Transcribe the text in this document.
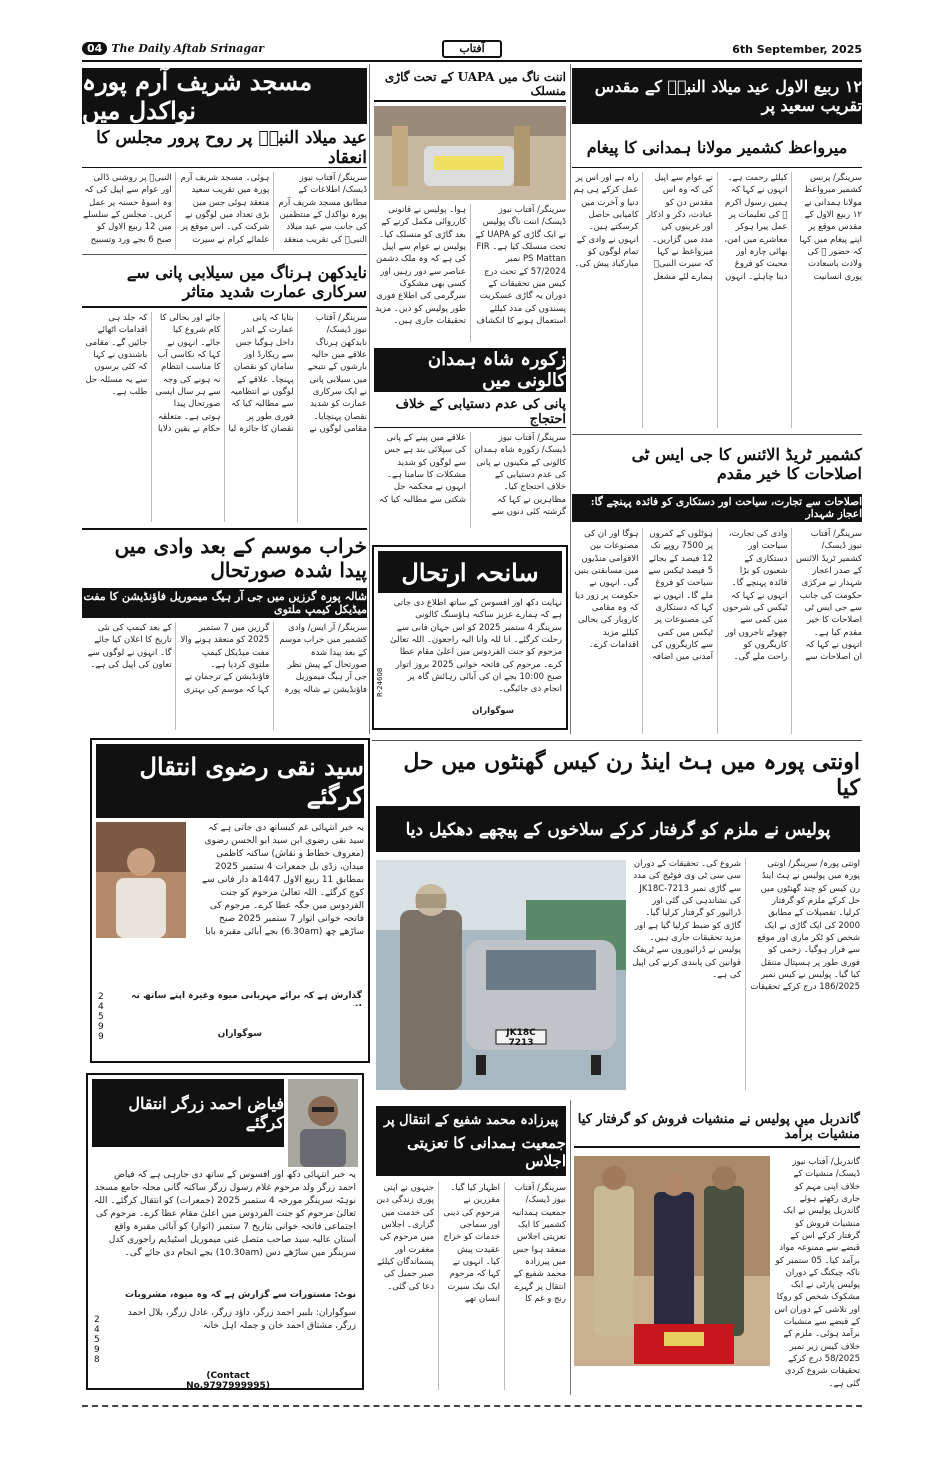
04 The Daily Aftab Srinagar	آفتاب	6th September, 2025
مسجد شریف آرم پورہ نواکدل میں
عید میلاد النبیؐ پر روح پرور مجلس کا انعقاد
سرینگر/ آفتاب نیوز ڈیسک/ اطلاعات کے مطابق مسجد شریف آرم پورہ نواکدل کے منتظمین کی جانب سے عید میلاد النبیؐ کی تقریب منعقد ہوئی۔ مسجد شریف آرم پورہ میں تقریب سعید منعقد ہوئی جس میں بڑی تعداد میں لوگوں نے شرکت کی۔ اس موقع پر علمائے کرام نے سیرت النبیؐ پر روشنی ڈالی اور عوام سے اپیل کی کہ وہ اسوۂ حسنہ پر عمل کریں۔ مجلس کے سلسلے میں 12 ربیع الاول کو صبح 6 بجے ورد وتسبیح
نایدکھن ہرناگ میں سیلابی پانی سے سرکاری عمارت شدید متاثر
سرینگر/ آفتاب نیوز ڈیسک/ نایدکھن ہرناگ علاقے میں حالیہ بارشوں کے نتیجے میں سیلابی پانی نے ایک سرکاری عمارت کو شدید نقصان پہنچایا۔ مقامی لوگوں نے بتایا کہ پانی عمارت کے اندر داخل ہوگیا جس سے ریکارڈ اور سامان کو نقصان پہنچا۔ علاقے کے لوگوں نے انتظامیہ سے مطالبہ کیا کہ فوری طور پر نقصان کا جائزہ لیا جائے اور بحالی کا کام شروع کیا جائے۔ انہوں نے کہا کہ نکاسی آب کا مناسب انتظام نہ ہونے کی وجہ سے ہر سال ایسی صورتحال پیدا ہوتی ہے۔ متعلقہ حکام نے یقین دلایا کہ جلد ہی اقدامات اٹھائے جائیں گے۔ مقامی باشندوں نے کہا کہ کئی برسوں سے یہ مسئلہ حل طلب ہے۔
خراب موسم کے بعد وادی میں پیدا شدہ صورتحال
شالہ پورہ گرزیں میں جی آر ہیگ میموریل فاؤنڈیشن کا مفت میڈیکل کیمپ ملتوی
سرینگر/ آر ایس/ وادی کشمیر میں خراب موسم کے بعد پیدا شدہ صورتحال کے پیش نظر جی آر ہیگ میموریل فاؤنڈیشن نے شالہ پورہ گرزیں میں 7 ستمبر 2025 کو منعقد ہونے والا مفت میڈیکل کیمپ ملتوی کردیا ہے۔ فاؤنڈیشن کے ترجمان نے کہا کہ موسم کی بہتری کے بعد کیمپ کی نئی تاریخ کا اعلان کیا جائے گا۔ انہوں نے لوگوں سے تعاون کی اپیل کی ہے۔
سید نقی رضوی انتقال کرگئے
یہ خبر انتہائی غم کیساتھ دی جاتی ہے کہ سید نقی رضوی ابن سید ابو الحسن رضوی (معروف خطاط و نقاش) ساکنہ کاظمی میدان، زڈی بل جمعرات 4 ستمبر 2025 بمطابق 11 ربیع الاول 1447ھ دار فانی سے کوچ کرگئے۔ اللہ تعالیٰ مرحوم کو جنت الفردوس میں جگہ عطا کرے۔ مرحوم کی فاتحہ خوانی اتوار 7 ستمبر 2025 صبح ساڑھے چھ (6.30am) بجے آبائی مقبرہ بابا
گذارش ہے کہ برائے مہربانی میوہ وغیرہ اپنے ساتھ نہ
سوگواران
2
4
5
9
9
فیاض احمد زرگر انتقال کرگئے
یہ خبر انتہائی دکھ اور افسوس کے ساتھ دی جارہی ہے کہ فیاض احمد زرگر ولد مرحوم غلام رسول زرگر ساکنہ گانی محلہ جامع مسجد نوہٹہ سرینگر مورخہ 4 ستمبر 2025 (جمعرات) کو انتقال کرگئے۔ اللہ تعالیٰ مرحوم کو جنت الفردوس میں اعلیٰ مقام عطا کرے۔ مرحوم کی اجتماعی فاتحہ خوانی بتاریخ 7 ستمبر (اتوار) کو آبائی مقبرہ واقع آستان عالیہ سید صاحب متصل غنی میموریل اسٹیڈیم راجوری کدل سرینگر میں ساڑھے دس (10.30am) بجے انجام دی جائے گی۔
نوٹ: مستورات سے گزارش ہے کہ وہ میوہ، مشروبات
سوگواران: بلبیر احمد زرگر، داؤد زرگر، عادل زرگر، بلال احمد زرگر، مشتاق احمد خان و جملہ اہل خانہ
2
4
5
9
8
(Contact No.9797999995)
اننت ناگ میں UAPA کے تحت گاڑی منسلک
سرینگر/ آفتاب نیوز ڈیسک/ اننت ناگ پولیس نے ایک گاڑی کو UAPA کے تحت منسلک کیا ہے۔ FIR PS Mattan نمبر 57/2024 کے تحت درج کیس میں تحقیقات کے دوران یہ گاڑی عسکریت پسندوں کی مدد کیلئے استعمال ہونے کا انکشاف ہوا۔ پولیس نے قانونی کارروائی مکمل کرنے کے بعد گاڑی کو منسلک کیا۔ پولیس نے عوام سے اپیل کی ہے کہ وہ ملک دشمن عناصر سے دور رہیں اور کسی بھی مشکوک سرگرمی کی اطلاع فوری طور پولیس کو دیں۔ مزید تحقیقات جاری ہیں۔
زکورہ شاہ ہمدان کالونی میں
پانی کی عدم دستیابی کے خلاف احتجاج
سرینگر/ آفتاب نیوز ڈیسک/ زکورہ شاہ ہمدان کالونی کے مکینوں نے پانی کی عدم دستیابی کے خلاف احتجاج کیا۔ مظاہرین نے کہا کہ گزشتہ کئی دنوں سے علاقے میں پینے کے پانی کی سپلائی بند ہے جس سے لوگوں کو شدید مشکلات کا سامنا ہے۔ انہوں نے محکمہ جل شکتی سے مطالبہ کیا کہ
سانحہ ارتحال
نہایت دکھ اور افسوس کے ساتھ اطلاع دی جاتی ہے کہ ہمارے عزیز ساکنہ ہاؤسنگ کالونی سرینگر 4 ستمبر 2025 کو اس جہان فانی سے رحلت کرگئے۔ انا للہ وانا الیہ راجعون۔ اللہ تعالیٰ مرحوم کو جنت الفردوس میں اعلیٰ مقام عطا کرے۔ مرحوم کی فاتحہ خوانی 2025 بروز اتوار صبح 10:00 بجے ان کی آبائی رہائش گاہ پر انجام دی جائیگی۔
سوگواران
R-24608
۱۲ ربیع الاول عید میلاد النبیؐ کے مقدس تقریب سعید پر
میرواعظ کشمیر مولانا ہمدانی کا پیغام
سرینگر/ پرنس کشمیر میرواعظ مولانا ہمدانی نے ۱۲ ربیع الاول کے مقدس موقع پر اپنے پیغام میں کہا کہ حضور ﷺ کی ولادت باسعادت پوری انسانیت کیلئے رحمت ہے۔ انہوں نے کہا کہ ہمیں رسول اکرم ﷺ کی تعلیمات پر عمل پیرا ہوکر معاشرے میں امن، بھائی چارہ اور محبت کو فروغ دینا چاہئے۔ انہوں نے عوام سے اپیل کی کہ وہ اس مقدس دن کو عبادت، ذکر و اذکار اور غریبوں کی مدد میں گزاریں۔ میرواعظ نے کہا کہ سیرت النبیؐ ہمارے لئے مشعل راہ ہے اور اس پر عمل کرکے ہی ہم دنیا و آخرت میں کامیابی حاصل کرسکتے ہیں۔ انہوں نے وادی کے تمام لوگوں کو مبارکباد پیش کی۔
کشمیر ٹریڈ الائنس کا جی ایس ٹی اصلاحات کا خیر مقدم
اصلاحات سے تجارت، سیاحت اور دستکاری کو فائدہ پہنچے گا: اعجاز شہدار
سرینگر/ آفتاب نیوز ڈیسک/ کشمیر ٹریڈ الائنس کے صدر اعجاز شہدار نے مرکزی حکومت کی جانب سے جی ایس ٹی اصلاحات کا خیر مقدم کیا ہے۔ انہوں نے کہا کہ ان اصلاحات سے وادی کی تجارت، سیاحت اور دستکاری کے شعبوں کو بڑا فائدہ پہنچے گا۔ انہوں نے کہا کہ ٹیکس کی شرحوں میں کمی سے چھوٹے تاجروں اور کاریگروں کو راحت ملے گی۔ ہوٹلوں کے کمروں پر 7500 روپے تک 12 فیصد کے بجائے 5 فیصد ٹیکس سے سیاحت کو فروغ ملے گا۔ انہوں نے کہا کہ دستکاری کی مصنوعات پر ٹیکس میں کمی سے کاریگروں کی آمدنی میں اضافہ ہوگا اور ان کی مصنوعات بین الاقوامی منڈیوں میں مسابقتی بنیں گی۔ انہوں نے حکومت پر زور دیا کہ وہ مقامی کاروبار کی بحالی کیلئے مزید اقدامات کرے۔
اونتی پورہ میں ہٹ اینڈ رن کیس گھنٹوں میں حل کیا
پولیس نے ملزم کو گرفتار کرکے سلاخوں کے پیچھے دھکیل دیا
JK18C 7213
اونتی پورہ/ سرینگر/ اونتی پورہ میں پولیس نے ہٹ اینڈ رن کیس کو چند گھنٹوں میں حل کرکے ملزم کو گرفتار کرلیا۔ تفصیلات کے مطابق 2000 کی ایک گاڑی نے ایک شخص کو ٹکر ماری اور موقع سے فرار ہوگیا۔ زخمی کو فوری طور پر ہسپتال منتقل کیا گیا۔ پولیس نے کیس نمبر 186/2025 درج کرکے تحقیقات شروع کی۔ تحقیقات کے دوران سی سی ٹی وی فوٹیج کی مدد سے گاڑی نمبر JK18C-7213 کی نشاندہی کی گئی اور ڈرائیور کو گرفتار کرلیا گیا۔ گاڑی کو ضبط کرلیا گیا ہے اور مزید تحقیقات جاری ہیں۔ پولیس نے ڈرائیوروں سے ٹریفک قوانین کی پابندی کرنے کی اپیل کی ہے۔
پیرزادہ محمد شفیع کے انتقال پر
جمعیت ہمدانی کا تعزیتی اجلاس
سرینگر/ آفتاب نیوز ڈیسک/ جمعیت ہمدانیہ کشمیر کا ایک تعزیتی اجلاس منعقد ہوا جس میں پیرزادہ محمد شفیع کے انتقال پر گہرے رنج و غم کا اظہار کیا گیا۔ مقررین نے مرحوم کی دینی اور سماجی خدمات کو خراج عقیدت پیش کیا۔ انہوں نے کہا کہ مرحوم ایک نیک سیرت انسان تھے جنہوں نے اپنی پوری زندگی دین کی خدمت میں گزاری۔ اجلاس میں مرحوم کی مغفرت اور پسماندگان کیلئے صبر جمیل کی دعا کی گئی۔
گاندربل میں پولیس نے منشیات فروش کو گرفتار کیا منشیات برآمد
گاندربل/ آفتاب نیوز ڈیسک/ منشیات کے خلاف اپنی مہم کو جاری رکھتے ہوئے گاندربل پولیس نے ایک منشیات فروش کو گرفتار کرکے اس کے قبضے سے ممنوعہ مواد برآمد کیا۔ 05 ستمبر کو ناکہ چیکنگ کے دوران پولیس پارٹی نے ایک مشکوک شخص کو روکا اور تلاشی کے دوران اس کے قبضے سے منشیات برآمد ہوئی۔ ملزم کے خلاف کیس زیر نمبر 58/2025 درج کرکے تحقیقات شروع کردی گئی ہے۔
